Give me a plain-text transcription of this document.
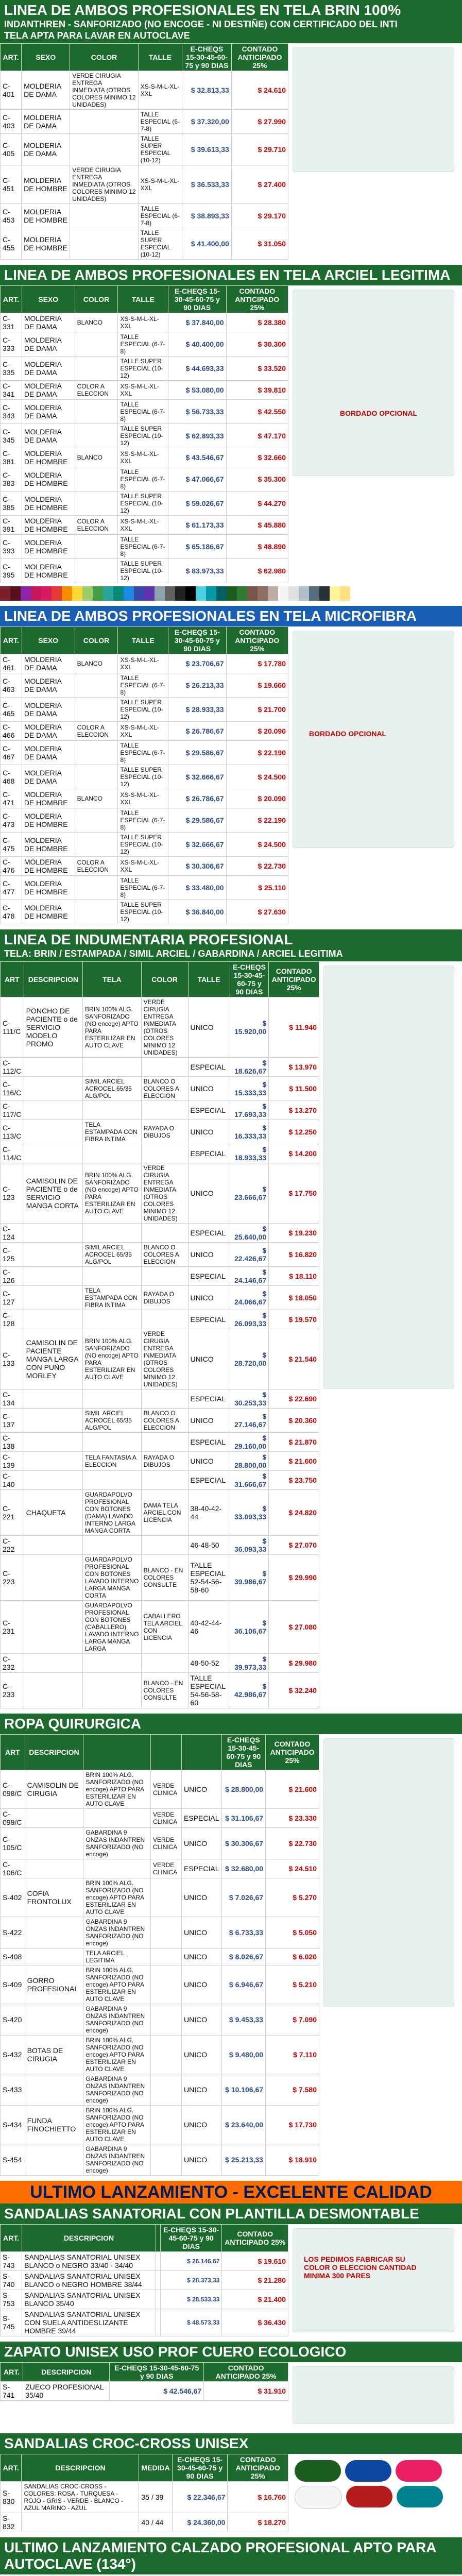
LINEA DE AMBOS PROFESIONALES EN TELA BRIN 100%
INDANTHREN - SANFORIZADO (NO ENCOGE - NI DESTIÑE) CON CERTIFICADO DEL INTI
TELA APTA PARA LAVAR EN AUTOCLAVE
ART.	SEXO	COLOR	TALLE	E-CHEQS 15-30-45-60-75 y 90 DIAS	CONTADO ANTICIPADO 25%
C-401	MOLDERIA DE DAMA	VERDE CIRUGIA ENTREGA INMEDIATA (OTROS COLORES MINIMO 12 UNIDADES)	XS-S-M-L-XL-XXL	$ 32.813,33	$ 24.610
C-403	MOLDERIA DE DAMA		TALLE ESPECIAL (6-7-8)	$ 37.320,00	$ 27.990
C-405	MOLDERIA DE DAMA		TALLE SUPER ESPECIAL (10-12)	$ 39.613,33	$ 29.710
C-451	MOLDERIA DE HOMBRE	VERDE CIRUGIA ENTREGA INMEDIATA (OTROS COLORES MINIMO 12 UNIDADES)	XS-S-M-L-XL-XXL	$ 36.533,33	$ 27.400
C-453	MOLDERIA DE HOMBRE		TALLE ESPECIAL (6-7-8)	$ 38.893,33	$ 29.170
C-455	MOLDERIA DE HOMBRE		TALLE SUPER ESPECIAL (10-12)	$ 41.400,00	$ 31.050
LINEA DE AMBOS PROFESIONALES EN TELA ARCIEL LEGITIMA
ART.	SEXO	COLOR	TALLE	E-CHEQS 15-30-45-60-75 y 90 DIAS	CONTADO ANTICIPADO 25%
C-331	MOLDERIA DE DAMA	BLANCO	XS-S-M-L-XL-XXL	$ 37.840,00	$ 28.380
C-333	MOLDERIA DE DAMA		TALLE ESPECIAL (6-7-8)	$ 40.400,00	$ 30.300
C-335	MOLDERIA DE DAMA		TALLE SUPER ESPECIAL (10-12)	$ 44.693,33	$ 33.520
C-341	MOLDERIA DE DAMA	COLOR A ELECCION	XS-S-M-L-XL-XXL	$ 53.080,00	$ 39.810
C-343	MOLDERIA DE DAMA		TALLE ESPECIAL (6-7-8)	$ 56.733,33	$ 42.550
C-345	MOLDERIA DE DAMA		TALLE SUPER ESPECIAL (10-12)	$ 62.893,33	$ 47.170
C-381	MOLDERIA DE HOMBRE	BLANCO	XS-S-M-L-XL-XXL	$ 43.546,67	$ 32.660
C-383	MOLDERIA DE HOMBRE		TALLE ESPECIAL (6-7-8)	$ 47.066,67	$ 35.300
C-385	MOLDERIA DE HOMBRE		TALLE SUPER ESPECIAL (10-12)	$ 59.026,67	$ 44.270
C-391	MOLDERIA DE HOMBRE	COLOR A ELECCION	XS-S-M-L-XL-XXL	$ 61.173,33	$ 45.880
C-393	MOLDERIA DE HOMBRE		TALLE ESPECIAL (6-7-8)	$ 65.186,67	$ 48.890
C-395	MOLDERIA DE HOMBRE		TALLE SUPER ESPECIAL (10-12)	$ 83.973,33	$ 62.980
BORDADO OPCIONAL
LINEA DE AMBOS PROFESIONALES EN TELA MICROFIBRA
ART.	SEXO	COLOR	TALLE	E-CHEQS 15-30-45-60-75 y 90 DIAS	CONTADO ANTICIPADO 25%
C-461	MOLDERIA DE DAMA	BLANCO	XS-S-M-L-XL-XXL	$ 23.706,67	$ 17.780
C-463	MOLDERIA DE DAMA		TALLE ESPECIAL (6-7-8)	$ 26.213,33	$ 19.660
C-465	MOLDERIA DE DAMA		TALLE SUPER ESPECIAL (10-12)	$ 28.933,33	$ 21.700
C-466	MOLDERIA DE DAMA	COLOR A ELECCION	XS-S-M-L-XL-XXL	$ 26.786,67	$ 20.090
C-467	MOLDERIA DE DAMA		TALLE ESPECIAL (6-7-8)	$ 29.586,67	$ 22.190
C-468	MOLDERIA DE DAMA		TALLE SUPER ESPECIAL (10-12)	$ 32.666,67	$ 24.500
C-471	MOLDERIA DE HOMBRE	BLANCO	XS-S-M-L-XL-XXL	$ 26.786,67	$ 20.090
C-473	MOLDERIA DE HOMBRE		TALLE ESPECIAL (6-7-8)	$ 29.586,67	$ 22.190
C-475	MOLDERIA DE HOMBRE		TALLE SUPER ESPECIAL (10-12)	$ 32.666,67	$ 24.500
C-476	MOLDERIA DE HOMBRE	COLOR A ELECCION	XS-S-M-L-XL-XXL	$ 30.306,67	$ 22.730
C-477	MOLDERIA DE HOMBRE		TALLE ESPECIAL (6-7-8)	$ 33.480,00	$ 25.110
C-478	MOLDERIA DE HOMBRE		TALLE SUPER ESPECIAL (10-12)	$ 36.840,00	$ 27.630
BORDADO OPCIONAL
LINEA DE INDUMENTARIA PROFESIONAL
TELA: BRIN / ESTAMPADA / SIMIL ARCIEL / GABARDINA / ARCIEL LEGITIMA
ART	DESCRIPCION	TELA	COLOR	TALLE	E-CHEQS 15-30-45-60-75 y 90 DIAS	CONTADO ANTICIPADO 25%
C-111/C	PONCHO DE PACIENTE o de SERVICIO MODELO PROMO	BRIN 100% ALG. SANFORIZADO (NO encoge) APTO PARA ESTERILIZAR EN AUTO CLAVE	VERDE CIRUGIA ENTREGA INMEDIATA (OTROS COLORES MINIMO 12 UNIDADES)	UNICO	$ 15.920,00	$ 11.940
C-112/C				ESPECIAL	$ 18.626,67	$ 13.970
C-116/C		SIMIL ARCIEL ACROCEL 65/35 ALG/POL	BLANCO O COLORES A ELECCION	UNICO	$ 15.333,33	$ 11.500
C-117/C				ESPECIAL	$ 17.693,33	$ 13.270
C-113/C		TELA ESTAMPADA CON FIBRA INTIMA	RAYADA O DIBUJOS	UNICO	$ 16.333,33	$ 12.250
C-114/C				ESPECIAL	$ 18.933,33	$ 14.200
C-123	CAMISOLIN DE PACIENTE o de SERVICIO MANGA CORTA	BRIN 100% ALG. SANFORIZADO (NO encoge) APTO PARA ESTERILIZAR EN AUTO CLAVE	VERDE CIRUGIA ENTREGA INMEDIATA (OTROS COLORES MINIMO 12 UNIDADES)	UNICO	$ 23.666,67	$ 17.750
C-124				ESPECIAL	$ 25.640,00	$ 19.230
C-125		SIMIL ARCIEL ACROCEL 65/35 ALG/POL	BLANCO O COLORES A ELECCION	UNICO	$ 22.426,67	$ 16.820
C-126				ESPECIAL	$ 24.146,67	$ 18.110
C-127		TELA ESTAMPADA CON FIBRA INTIMA	RAYADA O DIBUJOS	UNICO	$ 24.066,67	$ 18.050
C-128				ESPECIAL	$ 26.093,33	$ 19.570
C-133	CAMISOLIN DE PACIENTE MANGA LARGA CON PUÑO MORLEY	BRIN 100% ALG. SANFORIZADO (NO encoge) APTO PARA ESTERILIZAR EN AUTO CLAVE	VERDE CIRUGIA ENTREGA INMEDIATA (OTROS COLORES MINIMO 12 UNIDADES)	UNICO	$ 28.720,00	$ 21.540
C-134				ESPECIAL	$ 30.253,33	$ 22.690
C-137		SIMIL ARCIEL ACROCEL 65/35 ALG/POL	BLANCO O COLORES A ELECCION	UNICO	$ 27.146,67	$ 20.360
C-138				ESPECIAL	$ 29.160,00	$ 21.870
C-139		TELA FANTASIA A ELECCION	RAYADA O DIBUJOS	UNICO	$ 28.800,00	$ 21.600
C-140				ESPECIAL	$ 31.666,67	$ 23.750
C-221	CHAQUETA	GUARDAPOLVO PROFESIONAL CON BOTONES (DAMA) LAVADO INTERNO LARGA MANGA CORTA	DAMA TELA ARCIEL CON LICENCIA	38-40-42-44	$ 33.093,33	$ 24.820
C-222				46-48-50	$ 36.093,33	$ 27.070
C-223		GUARDAPOLVO PROFESIONAL CON BOTONES LAVADO INTERNO LARGA MANGA CORTA	BLANCO - EN COLORES CONSULTE	TALLE ESPECIAL 52-54-56-58-60	$ 39.986,67	$ 29.990
C-231		GUARDAPOLVO PROFESIONAL CON BOTONES (CABALLERO) LAVADO INTERNO LARGA MANGA LARGA	CABALLERO TELA ARCIEL CON LICENCIA	40-42-44-46	$ 36.106,67	$ 27.080
C-232				48-50-52	$ 39.973,33	$ 29.980
C-233			BLANCO - EN COLORES CONSULTE	TALLE ESPECIAL 54-56-58-60	$ 42.986,67	$ 32.240
ROPA QUIRURGICA
ART	DESCRIPCION				E-CHEQS 15-30-45-60-75 y 90 DIAS	CONTADO ANTICIPADO 25%
C-098/C	CAMISOLIN DE CIRUGIA	BRIN 100% ALG. SANFORIZADO (NO encoge) APTO PARA ESTERILIZAR EN AUTO CLAVE	VERDE CLINICA	UNICO	$ 28.800,00	$ 21.600
C-099/C			VERDE CLINICA	ESPECIAL	$ 31.106,67	$ 23.330
C-105/C		GABARDINA 9 ONZAS INDANTREN SANFORIZADO (NO encoge)	VERDE CLINICA	UNICO	$ 30.306,67	$ 22.730
C-106/C			VERDE CLINICA	ESPECIAL	$ 32.680,00	$ 24.510
S-402	COFIA FRONTOLUX	BRIN 100% ALG. SANFORIZADO (NO encoge) APTO PARA ESTERILIZAR EN AUTO CLAVE		UNICO	$ 7.026,67	$ 5.270
S-422		GABARDINA 9 ONZAS INDANTREN SANFORIZADO (NO encoge)		UNICO	$ 6.733,33	$ 5.050
S-408		TELA ARCIEL LEGITIMA		UNICO	$ 8.026,67	$ 6.020
S-409	GORRO PROFESIONAL	BRIN 100% ALG. SANFORIZADO (NO encoge) APTO PARA ESTERILIZAR EN AUTO CLAVE		UNICO	$ 6.946,67	$ 5.210
S-420		GABARDINA 9 ONZAS INDANTREN SANFORIZADO (NO encoge)		UNICO	$ 9.453,33	$ 7.090
S-432	BOTAS DE CIRUGIA	BRIN 100% ALG. SANFORIZADO (NO encoge) APTO PARA ESTERILIZAR EN AUTO CLAVE		UNICO	$ 9.480,00	$ 7.110
S-433		GABARDINA 9 ONZAS INDANTREN SANFORIZADO (NO encoge)		UNICO	$ 10.106,67	$ 7.580
S-434	FUNDA FINOCHIETTO	BRIN 100% ALG. SANFORIZADO (NO encoge) APTO PARA ESTERILIZAR EN AUTO CLAVE		UNICO	$ 23.640,00	$ 17.730
S-454		GABARDINA 9 ONZAS INDANTREN SANFORIZADO (NO encoge)		UNICO	$ 25.213,33	$ 18.910
ULTIMO LANZAMIENTO - EXCELENTE CALIDAD
SANDALIAS SANATORIAL CON PLANTILLA DESMONTABLE
ART.	DESCRIPCION		E-CHEQS 15-30-45-60-75 y 90 DIAS	CONTADO ANTICIPADO 25%
S-743	SANDALIAS SANATORIAL UNISEX BLANCO o NEGRO 33/40 - 34/40		$ 26.146,67	$ 19.610
S-740	SANDALIAS SANATORIAL UNISEX BLANCO o NEGRO HOMBRE 38/44		$ 28.373,33	$ 21.280
S-753	SANDALIAS SANATORIAL UNISEX BLANCO 35/40		$ 28.533,33	$ 21.400
S-745	SANDALIAS SANATORIAL UNISEX CON SUELA ANTIDESLIZANTE HOMBRE 39/44		$ 48.573,33	$ 36.430
LOS PEDIMOS FABRICAR SU COLOR O ELECCION CANTIDAD MINIMA 300 PARES
ZAPATO UNISEX USO PROF CUERO ECOLOGICO
ART.	DESCRIPCION	E-CHEQS 15-30-45-60-75 y 90 DIAS	CONTADO ANTICIPADO 25%
S-741	ZUECO PROFESIONAL 35/40	$ 42.546,67	$ 31.910
SANDALIAS CROC-CROSS UNISEX
ART.	DESCRIPCION	MEDIDA	E-CHEQS 15-30-45-60-75 y 90 DIAS	CONTADO ANTICIPADO 25%
S-830	SANDALIAS CROC-CROSS - COLORES: ROSA - TURQUESA - ROJO - GRIS - VERDE - BLANCO - AZUL MARINO - AZUL	35 / 39	$ 22.346,67	$ 16.760
S-832		40 / 44	$ 24.360,00	$ 18.270
ULTIMO LANZAMIENTO CALZADO PROFESIONAL APTO PARA AUTOCLAVE (134°)
